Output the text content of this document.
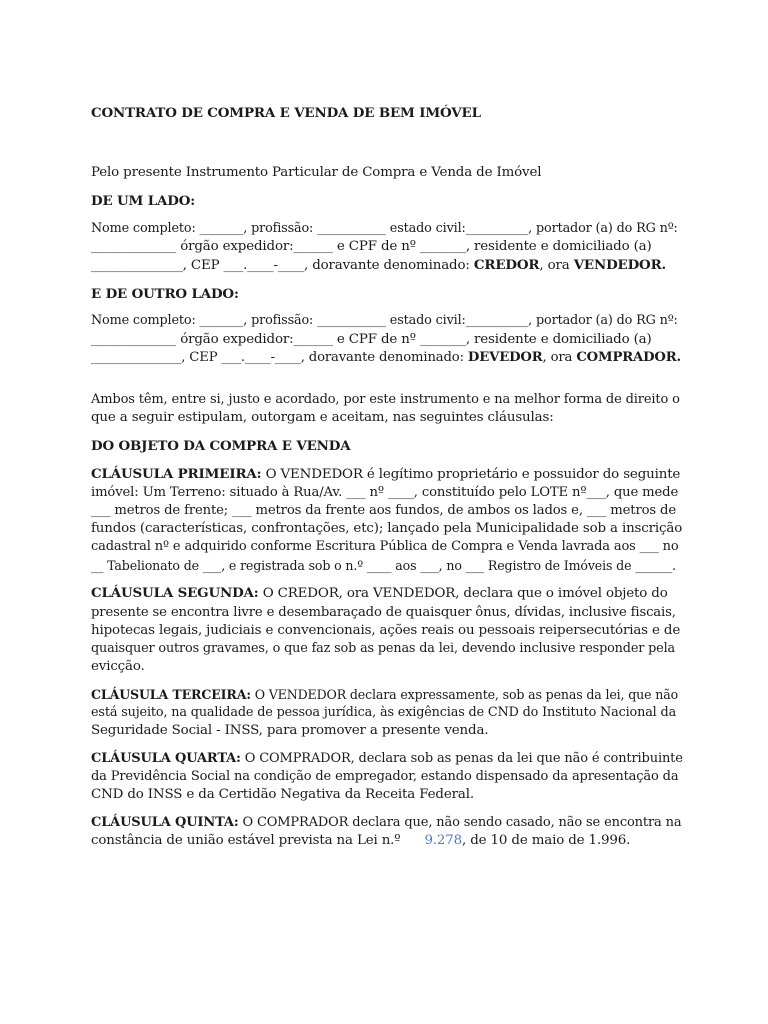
CONTRATO DE COMPRA E VENDA DE BEM IMÓVEL
Pelo presente Instrumento Particular de Compra e Venda de Imóvel
DE UM LADO:
Nome completo: _______, profissão: ___________ estado civil:__________, portador (a) do RG nº:
_____________ órgão expedidor:______ e CPF de nº _______, residente e domiciliado (a)
______________, CEP ___.____-____, doravante denominado: CREDOR, ora VENDEDOR.
E DE OUTRO LADO:
Nome completo: _______, profissão: ___________ estado civil:__________, portador (a) do RG nº:
_____________ órgão expedidor:______ e CPF de nº _______, residente e domiciliado (a)
______________, CEP ___.____-____, doravante denominado: DEVEDOR, ora COMPRADOR.
Ambos têm, entre si, justo e acordado, por este instrumento e na melhor forma de direito o
que a seguir estipulam, outorgam e aceitam, nas seguintes cláusulas:
DO OBJETO DA COMPRA E VENDA
CLÁUSULA PRIMEIRA: O VENDEDOR é legítimo proprietário e possuidor do seguinte
imóvel: Um Terreno: situado à Rua/Av. ___ nº ____, constituído pelo LOTE nº___, que mede
___ metros de frente; ___ metros da frente aos fundos, de ambos os lados e, ___ metros de
fundos (características, confrontações, etc); lançado pela Municipalidade sob a inscrição
cadastral nº e adquirido conforme Escritura Pública de Compra e Venda lavrada aos ___ no
__ Tabelionato de ___, e registrada sob o n.º ____ aos ___, no ___ Registro de Imóveis de ______.
CLÁUSULA SEGUNDA: O CREDOR, ora VENDEDOR, declara que o imóvel objeto do
presente se encontra livre e desembaraçado de quaisquer ônus, dívidas, inclusive fiscais,
hipotecas legais, judiciais e convencionais, ações reais ou pessoais reipersecutórias e de
quaisquer outros gravames, o que faz sob as penas da lei, devendo inclusive responder pela
evicção.
CLÁUSULA TERCEIRA: O VENDEDOR declara expressamente, sob as penas da lei, que não
está sujeito, na qualidade de pessoa jurídica, às exigências de CND do Instituto Nacional da
Seguridade Social - INSS, para promover a presente venda.
CLÁUSULA QUARTA: O COMPRADOR, declara sob as penas da lei que não é contribuinte
da Previdência Social na condição de empregador, estando dispensado da apresentação da
CND do INSS e da Certidão Negativa da Receita Federal.
CLÁUSULA QUINTA: O COMPRADOR declara que, não sendo casado, não se encontra na
constância de união estável prevista na Lei n.º 9.278, de 10 de maio de 1.996.
